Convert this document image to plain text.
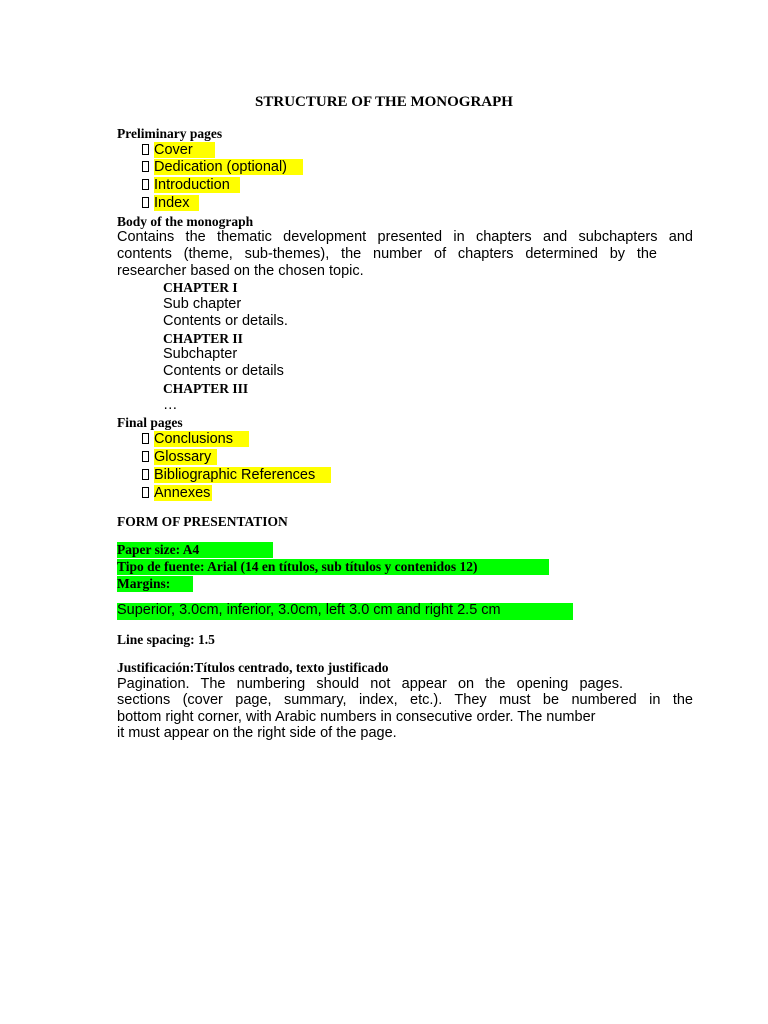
STRUCTURE OF THE MONOGRAPH
Preliminary pages
Cover
Dedication (optional)
Introduction
Index
Body of the monograph
Contains the thematic development presented in chapters and subchapters and
contents (theme, sub-themes), the number of chapters determined by the
researcher based on the chosen topic.
CHAPTER I
Sub chapter
Contents or details.
CHAPTER II
Subchapter
Contents or details
CHAPTER III
…
Final pages
Conclusions
Glossary
Bibliographic References
Annexes
FORM OF PRESENTATION
Paper size: A4
Tipo de fuente: Arial (14 en títulos, sub títulos y contenidos 12)
Margins:
Superior, 3.0cm, inferior, 3.0cm, left 3.0 cm and right 2.5 cm
Line spacing: 1.5
Justificación:Títulos centrado, texto justificado
Pagination. The numbering should not appear on the opening pages.
sections (cover page, summary, index, etc.). They must be numbered in the
bottom right corner, with Arabic numbers in consecutive order. The number
it must appear on the right side of the page.
